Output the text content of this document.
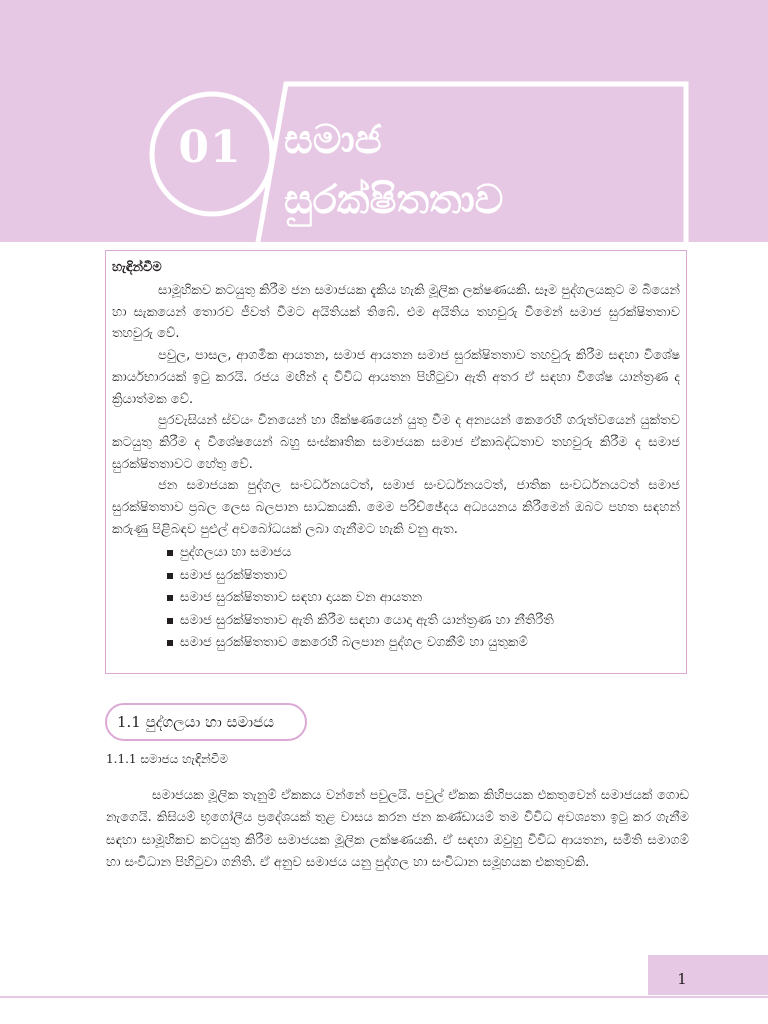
01	සමාජ
සුරක්ෂිතතාව
හැඳින්වීම

සාමූහිකව කටයුතු කිරීම ජන සමාජයක දැකිය හැකි මූලික ලක්ෂණයකි. සෑම පුද්ගලයකුට ම බියෙන් හා සැකයෙන් තොරව ජීවත් වීමට අයිතියක් තිබේ. එම අයිතිය තහවුරු වීමෙන් සමාජ සුරක්ෂිතතාව තහවුරු වේ.

පවුල, පාසල, ආගමික ආයතන, සමාජ ආයතන සමාජ සුරක්ෂිතතාව තහවුරු කිරීම සඳහා විශේෂ කාර්යභාරයක් ඉටු කරයි. රජය මඟින් ද විවිධ ආයතන පිහිටුවා ඇති අතර ඒ සඳහා විශේෂ යාන්ත්‍රණ ද ක්‍රියාත්මක වේ.

පුරවැසියන් ස්වයං විනයෙන් හා ශික්ෂණයෙන් යුතු වීම ද අන්‍යයන් කෙරෙහි ගරුත්වයෙන් යුක්තව කටයුතු කිරීම ද විශේෂයෙන් බහු සංස්කෘතික සමාජයක සමාජ ඒකාබද්ධතාව තහවුරු කිරීම ද සමාජ සුරක්ෂිතතාවට හේතු වේ.

ජන සමාජයක පුද්ගල සංවර්ධනයටත්, සමාජ සංවර්ධනයටත්, ජාතික සංවර්ධනයටත් සමාජ සුරක්ෂිතතාව ප්‍රබල ලෙස බලපාන සාධකයකි. මෙම පරිච්ඡේදය අධ්‍යයනය කිරීමෙන් ඔබට පහත සඳහන් කරුණු පිළිබඳව පුළුල් අවබෝධයක් ලබා ගැනීමට හැකි වනු ඇත.

පුද්ගලයා හා සමාජය
සමාජ සුරක්ෂිතතාව
සමාජ සුරක්ෂිතතාව සඳහා දායක වන ආයතන
සමාජ සුරක්ෂිතතාව ඇති කිරීම සඳහා යොදා ඇති යාන්ත්‍රණ හා නීතිරීති
සමාජ සුරක්ෂිතතාව කෙරෙහි බලපාන පුද්ගල වගකීම් හා යුතුකම්
1.1 පුද්ගලයා හා සමාජය
1.1.1 සමාජය හැඳින්වීම

සමාජයක මූලික තැනුම් ඒකකය වන්නේ පවුලයි. පවුල් ඒකක කිහිපයක එකතුවෙන් සමාජයක් ගොඩ නැගෙයි. කිසියම් භූගෝලීය ප්‍රදේශයක් තුළ වාසය කරන ජන කණ්ඩායම් තම විවිධ අවශ්‍යතා ඉටු කර ගැනීම සඳහා සාමූහිකව කටයුතු කිරීම සමාජයක මූලික ලක්ෂණයකි. ඒ සඳහා ඔවුහු විවිධ ආයතන, සමිති සමාගම් හා සංවිධාන පිහිටුවා ගනිති. ඒ අනුව සමාජය යනු පුද්ගල හා සංවිධාන සමූහයක එකතුවකි.

1
